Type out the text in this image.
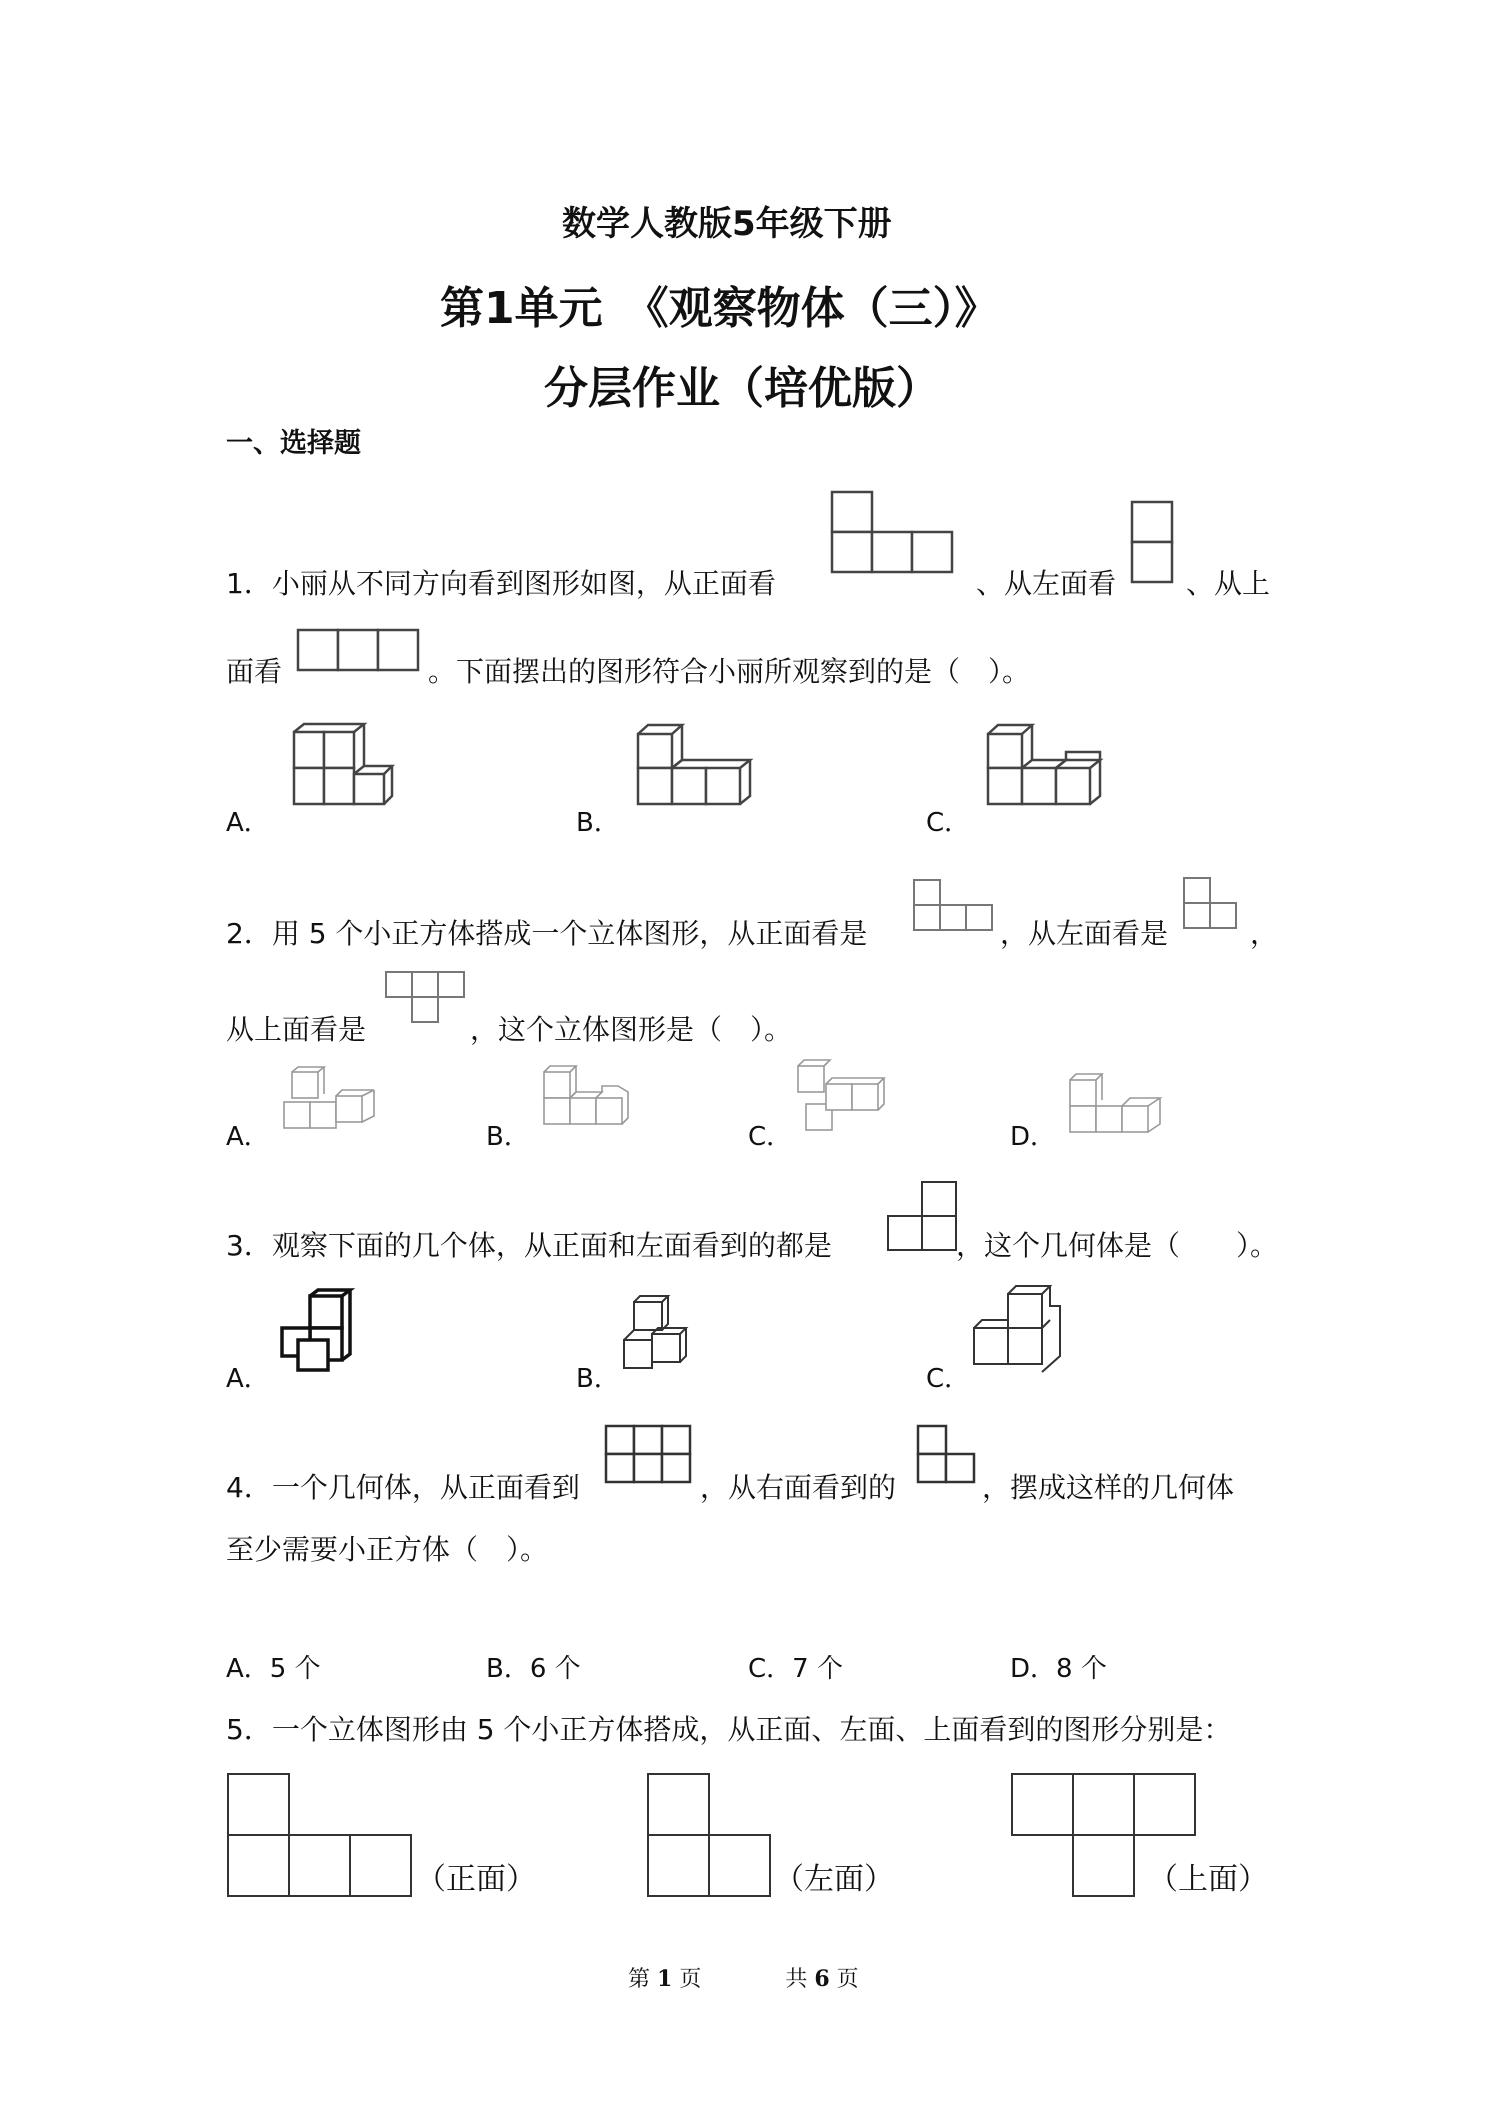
数学人教版5年级下册
第1单元　《观察物体（三）》
分层作业（培优版）
一、选择题
1．小丽从不同方向看到图形如图，从正面看	、从左面看 、从上
面看	。下面摆出的图形符合小丽所观察到的是（　）。
A．	B．	C．
2．用 5 个小正方体搭成一个立体图形，从正面看是	，从左面看是	，
从上面看是	，这个立体图形是（　）。
A．	B．	C．	D．
3．观察下面的几个体，从正面和左面看到的都是	，这个几何体是（　　）。
A．	B．	C．
4．一个几何体，从正面看到	，从右面看到的	，摆成这样的几何体
至少需要小正方体（　）。
A．5 个	B．6 个	C．7 个	D．8 个
5．一个立体图形由 5 个小正方体搭成，从正面、左面、上面看到的图形分别是：
（正面）	（左面）	（上面）
第 1 页	共 6 页
